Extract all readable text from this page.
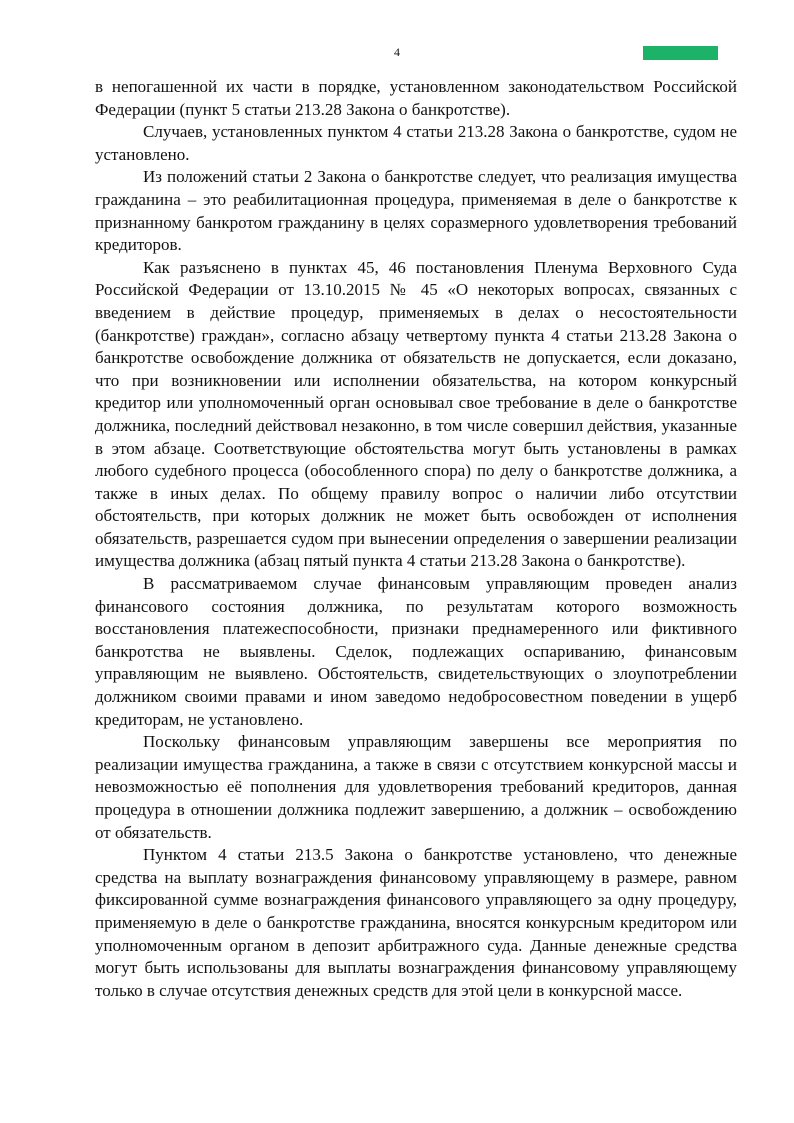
4

в непогашенной их части в порядке, установленном законодательством Российской Федерации (пункт 5 статьи 213.28 Закона о банкротстве).

Случаев, установленных пунктом 4 статьи 213.28 Закона о банкротстве, судом не установлено.

Из положений статьи 2 Закона о банкротстве следует, что реализация имущества гражданина – это реабилитационная процедура, применяемая в деле о банкротстве к признанному банкротом гражданину в целях соразмерного удовлетворения требований кредиторов.

Как разъяснено в пунктах 45, 46 постановления Пленума Верховного Суда Российской Федерации от 13.10.2015 № 45 «О некоторых вопросах, связанных с введением в действие процедур, применяемых в делах о несостоятельности (банкротстве) граждан», согласно абзацу четвертому пункта 4 статьи 213.28 Закона о банкротстве освобождение должника от обязательств не допускается, если доказано, что при возникновении или исполнении обязательства, на котором конкурсный кредитор или уполномоченный орган основывал свое требование в деле о банкротстве должника, последний действовал незаконно, в том числе совершил действия, указанные в этом абзаце. Соответствующие обстоятельства могут быть установлены в рамках любого судебного процесса (обособленного спора) по делу о банкротстве должника, а также в иных делах. По общему правилу вопрос о наличии либо отсутствии обстоятельств, при которых должник не может быть освобожден от исполнения обязательств, разрешается судом при вынесении определения о завершении реализации имущества должника (абзац пятый пункта 4 статьи 213.28 Закона о банкротстве).

В рассматриваемом случае финансовым управляющим проведен анализ финансового состояния должника, по результатам которого возможность восстановления платежеспособности, признаки преднамеренного или фиктивного банкротства не выявлены. Сделок, подлежащих оспариванию, финансовым управляющим не выявлено. Обстоятельств, свидетельствующих о злоупотреблении должником своими правами и ином заведомо недобросовестном поведении в ущерб кредиторам, не установлено.

Поскольку финансовым управляющим завершены все мероприятия по реализации имущества гражданина, а также в связи с отсутствием конкурсной массы и невозможностью её пополнения для удовлетворения требований кредиторов, данная процедура в отношении должника подлежит завершению, а должник – освобождению от обязательств.

Пунктом 4 статьи 213.5 Закона о банкротстве установлено, что денежные средства на выплату вознаграждения финансовому управляющему в размере, равном фиксированной сумме вознаграждения финансового управляющего за одну процедуру, применяемую в деле о банкротстве гражданина, вносятся конкурсным кредитором или уполномоченным органом в депозит арбитражного суда. Данные денежные средства могут быть использованы для выплаты вознаграждения финансовому управляющему только в случае отсутствия денежных средств для этой цели в конкурсной массе.
